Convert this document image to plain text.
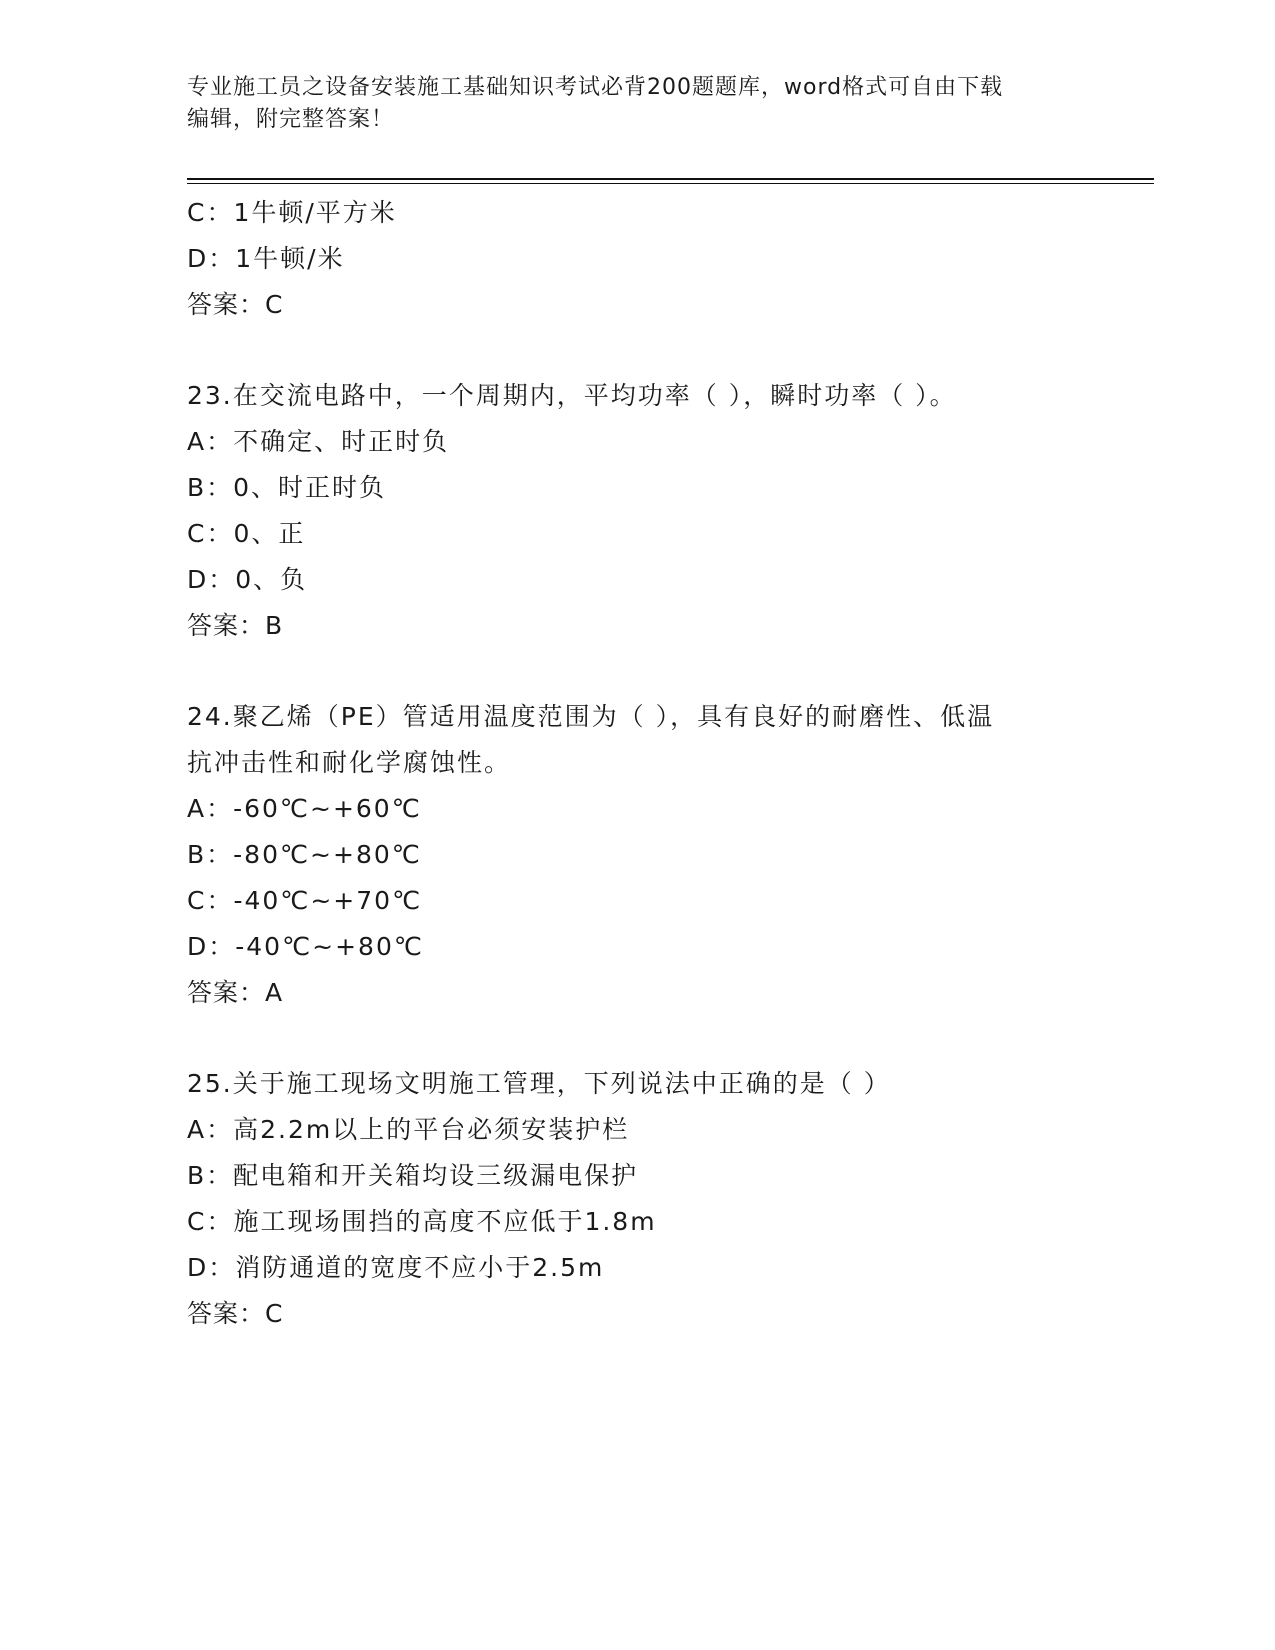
专业施工员之设备安装施工基础知识考试必背200题题库，word格式可自由下载
编辑，附完整答案！
C：1牛顿/平方米
D：1牛顿/米
答案：C
23.在交流电路中，一个周期内，平均功率（ ），瞬时功率（ ）。
A：不确定、时正时负
B：0、时正时负
C：0、正
D：0、负
答案：B
24.聚乙烯（PE）管适用温度范围为（ ），具有良好的耐磨性、低温
抗冲击性和耐化学腐蚀性。
A：-60℃~+60℃
B：-80℃~+80℃
C：-40℃~+70℃
D：-40℃~+80℃
答案：A
25.关于施工现场文明施工管理，下列说法中正确的是（ ）
A：高2.2m以上的平台必须安装护栏
B：配电箱和开关箱均设三级漏电保护
C：施工现场围挡的高度不应低于1.8m
D：消防通道的宽度不应小于2.5m
答案：C
